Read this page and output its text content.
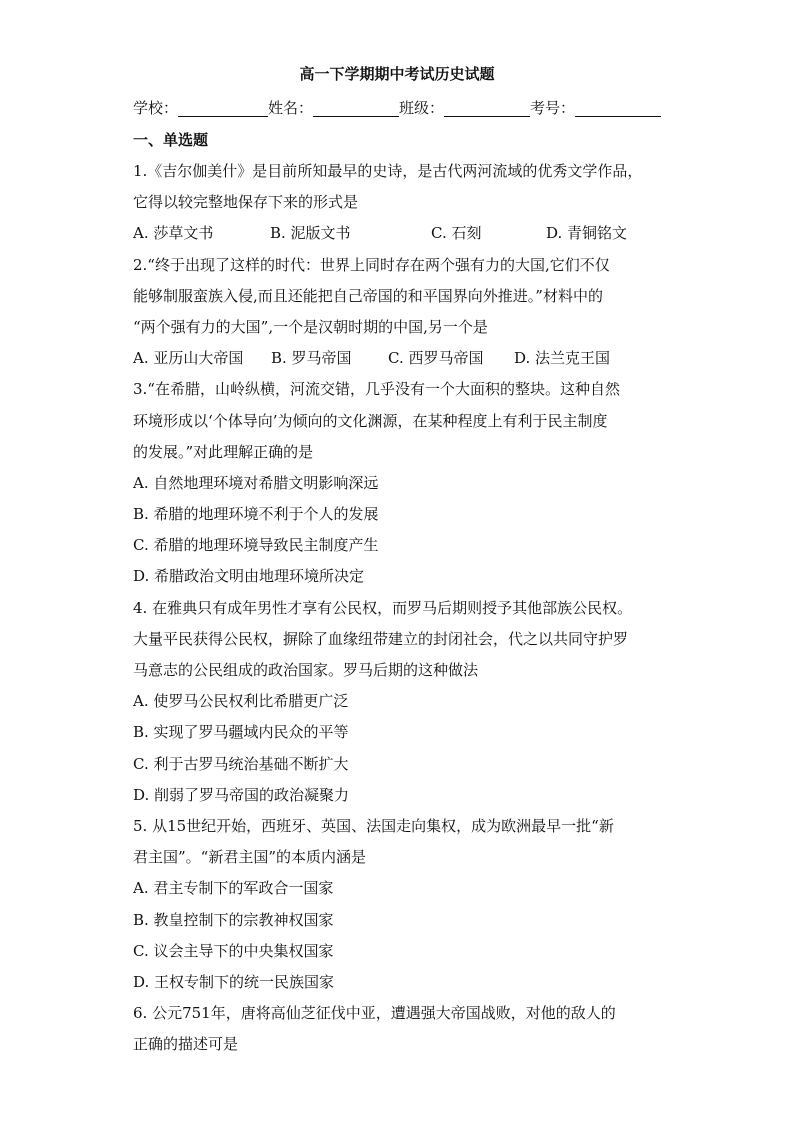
高一下学期期中考试历史试题
学校：	姓名：	班级：	考号：
一、单选题
1.《吉尔伽美什》是目前所知最早的史诗，是古代两河流域的优秀文学作品，
它得以较完整地保存下来的形式是
A. 莎草文书	B. 泥版文书	C. 石刻	D. 青铜铭文
2.“终于出现了这样的时代：世界上同时存在两个强有力的大国,它们不仅
能够制服蛮族入侵,而且还能把自己帝国的和平国界向外推进。”材料中的
“两个强有力的大国”,一个是汉朝时期的中国,另一个是
A. 亚历山大帝国	B. 罗马帝国	C. 西罗马帝国	D. 法兰克王国
3.“在希腊，山岭纵横，河流交错，几乎没有一个大面积的整块。这种自然
环境形成以‘个体导向’为倾向的文化渊源，在某种程度上有利于民主制度
的发展。”对此理解正确的是
A. 自然地理环境对希腊文明影响深远
B. 希腊的地理环境不利于个人的发展
C. 希腊的地理环境导致民主制度产生
D. 希腊政治文明由地理环境所决定
4. 在雅典只有成年男性才享有公民权，而罗马后期则授予其他部族公民权。
大量平民获得公民权，摒除了血缘纽带建立的封闭社会，代之以共同守护罗
马意志的公民组成的政治国家。罗马后期的这种做法
A. 使罗马公民权利比希腊更广泛
B. 实现了罗马疆域内民众的平等
C. 利于古罗马统治基础不断扩大
D. 削弱了罗马帝国的政治凝聚力
5. 从15世纪开始，西班牙、英国、法国走向集权，成为欧洲最早一批“新
君主国”。“新君主国”的本质内涵是
A. 君主专制下的军政合一国家
B. 教皇控制下的宗教神权国家
C. 议会主导下的中央集权国家
D. 王权专制下的统一民族国家
6. 公元751年，唐将高仙芝征伐中亚，遭遇强大帝国战败，对他的敌人的
正确的描述可是
